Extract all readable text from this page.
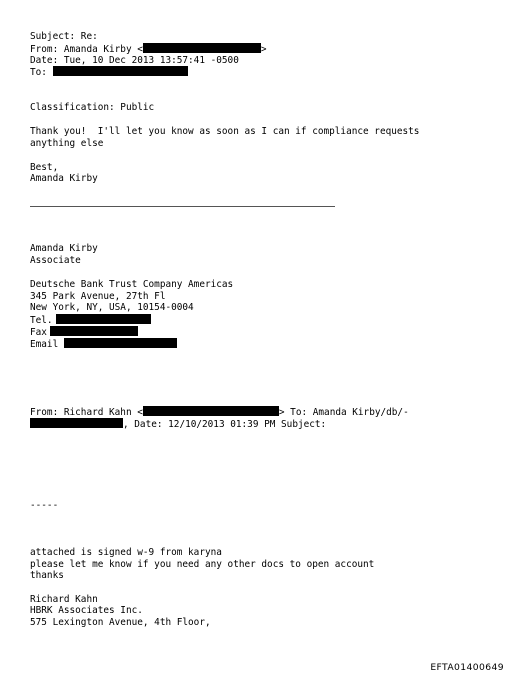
Subject: Re:
From: Amanda Kirby <	>
Date: Tue, 10 Dec 2013 13:57:41 -0500
To:
Classification: Public
Thank you!  I'll let you know as soon as I can if compliance requests
anything else
Best,
Amanda Kirby
Amanda Kirby
Associate
Deutsche Bank Trust Company Americas
345 Park Avenue, 27th Fl
New York, NY, USA, 10154-0004
Tel.
Fax
Email
From: Richard Kahn <	> To: Amanda Kirby/db/-
, Date: 12/10/2013 01:39 PM Subject:
-----
attached is signed w-9 from karyna
please let me know if you need any other docs to open account
thanks
Richard Kahn
HBRK Associates Inc.
575 Lexington Avenue, 4th Floor,
EFTA01400649
